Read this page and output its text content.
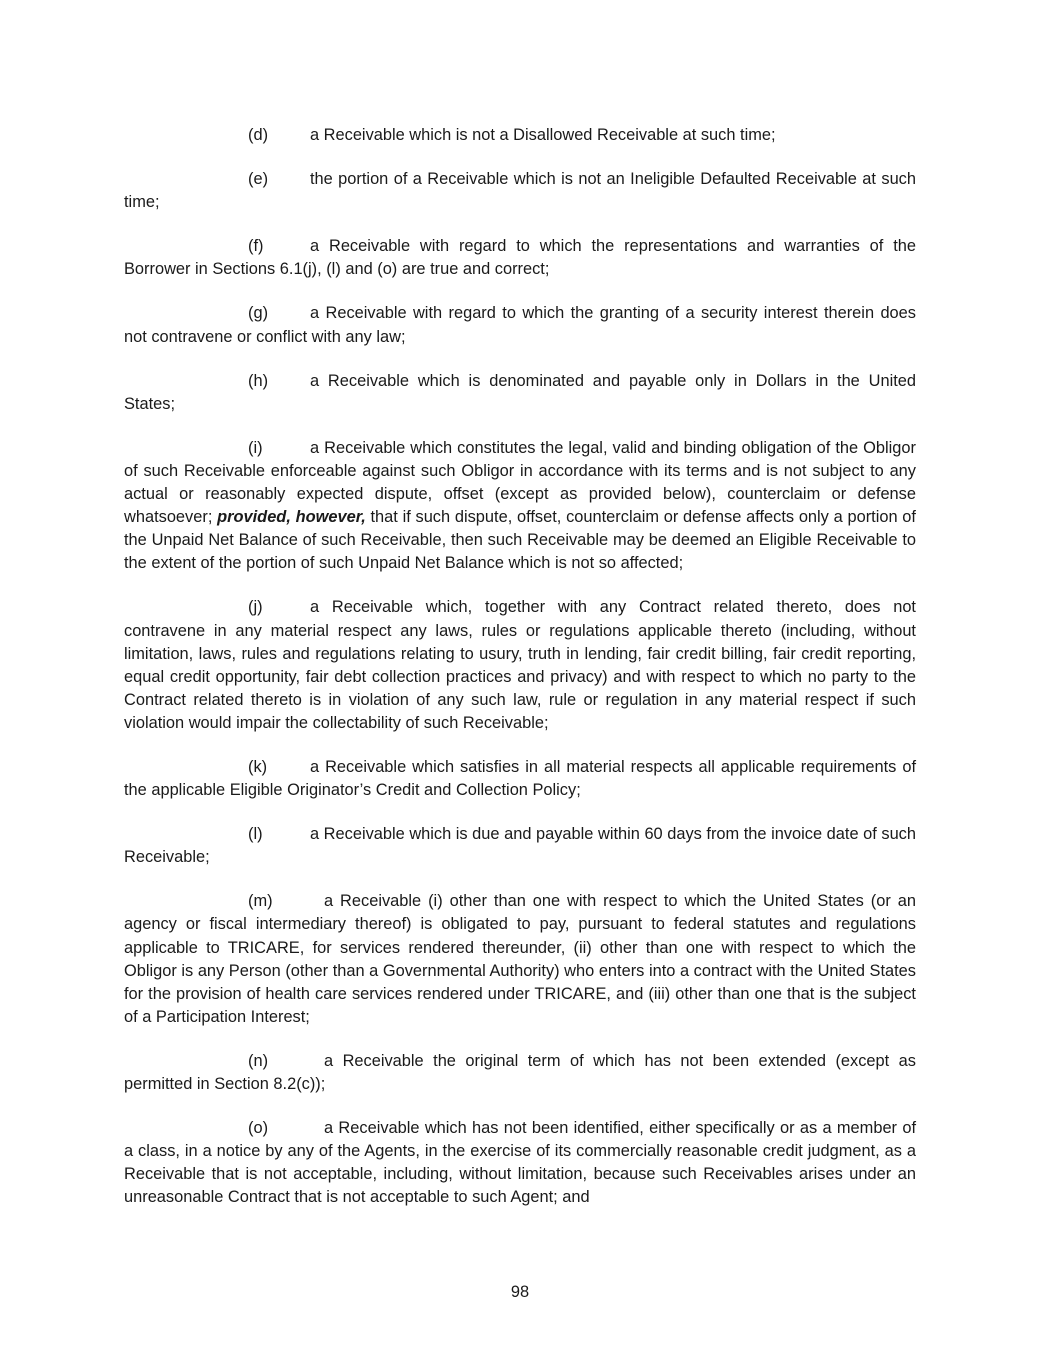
(d)	a Receivable which is not a Disallowed Receivable at such time;

(e)	the portion of a Receivable which is not an Ineligible Defaulted Receivable at such time;

(f)	a Receivable with regard to which the representations and warranties of the Borrower in Sections 6.1(j), (l) and (o) are true and correct;

(g)	a Receivable with regard to which the granting of a security interest therein does not contravene or conflict with any law;

(h)	a Receivable which is denominated and payable only in Dollars in the United States;

(i)	a Receivable which constitutes the legal, valid and binding obligation of the Obligor of such Receivable enforceable against such Obligor in accordance with its terms and is not subject to any actual or reasonably expected dispute, offset (except as provided below), counterclaim or defense whatsoever; provided, however, that if such dispute, offset, counterclaim or defense affects only a portion of the Unpaid Net Balance of such Receivable, then such Receivable may be deemed an Eligible Receivable to the extent of the portion of such Unpaid Net Balance which is not so affected;

(j)	a Receivable which, together with any Contract related thereto, does not contravene in any material respect any laws, rules or regulations applicable thereto (including, without limitation, laws, rules and regulations relating to usury, truth in lending, fair credit billing, fair credit reporting, equal credit opportunity, fair debt collection practices and privacy) and with respect to which no party to the Contract related thereto is in violation of any such law, rule or regulation in any material respect if such violation would impair the collectability of such Receivable;

(k)	a Receivable which satisfies in all material respects all applicable requirements of the applicable Eligible Originator’s Credit and Collection Policy;

(l)	a Receivable which is due and payable within 60 days from the invoice date of such Receivable;

(m)	a Receivable (i) other than one with respect to which the United States (or an agency or fiscal intermediary thereof) is obligated to pay, pursuant to federal statutes and regulations applicable to TRICARE, for services rendered thereunder, (ii) other than one with respect to which the Obligor is any Person (other than a Governmental Authority) who enters into a contract with the United States for the provision of health care services rendered under TRICARE, and (iii) other than one that is the subject of a Participation Interest;

(n)	a Receivable the original term of which has not been extended (except as permitted in Section 8.2(c));

(o)	a Receivable which has not been identified, either specifically or as a member of a class, in a notice by any of the Agents, in the exercise of its commercially reasonable credit judgment, as a Receivable that is not acceptable, including, without limitation, because such Receivables arises under an unreasonable Contract that is not acceptable to such Agent; and

98
